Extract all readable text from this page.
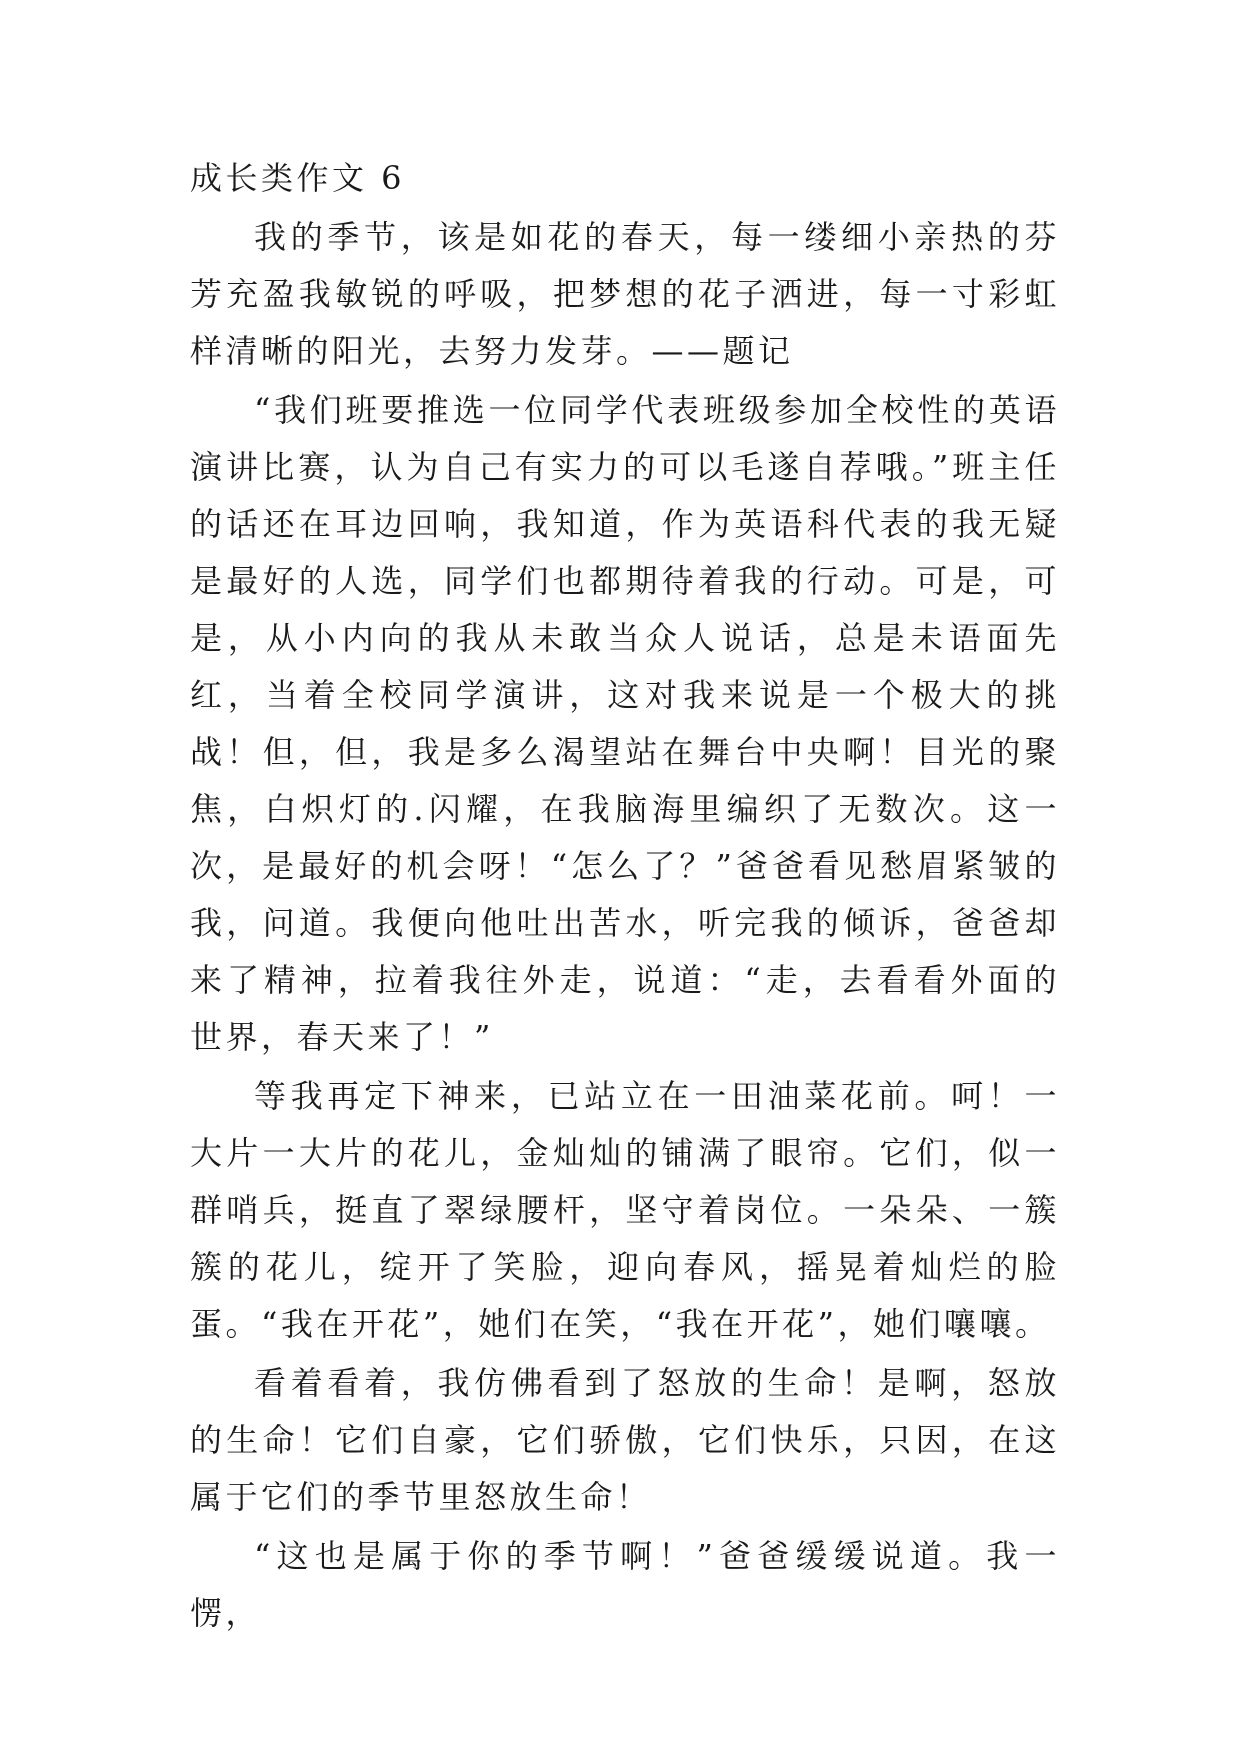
成长类作文 6

我的季节，该是如花的春天，每一缕细小亲热的芬芳充盈我敏锐的呼吸，把梦想的花子洒进，每一寸彩虹样清晰的阳光，去努力发芽。——题记

“我们班要推选一位同学代表班级参加全校性的英语演讲比赛，认为自己有实力的可以毛遂自荐哦。”班主任的话还在耳边回响，我知道，作为英语科代表的我无疑是最好的人选，同学们也都期待着我的行动。可是，可是，从小内向的我从未敢当众人说话，总是未语面先红，当着全校同学演讲，这对我来说是一个极大的挑战！但，但，我是多么渴望站在舞台中央啊！目光的聚焦，白炽灯的.闪耀，在我脑海里编织了无数次。这一次，是最好的机会呀！“怎么了？”爸爸看见愁眉紧皱的我，问道。我便向他吐出苦水，听完我的倾诉，爸爸却来了精神，拉着我往外走，说道：“走，去看看外面的世界，春天来了！”

等我再定下神来，已站立在一田油菜花前。呵！一大片一大片的花儿，金灿灿的铺满了眼帘。它们，似一群哨兵，挺直了翠绿腰杆，坚守着岗位。一朵朵、一簇簇的花儿，绽开了笑脸，迎向春风，摇晃着灿烂的脸蛋。“我在开花”，她们在笑，“我在开花”，她们嚷嚷。

看着看着，我仿佛看到了怒放的生命！是啊，怒放的生命！它们自豪，它们骄傲，它们快乐，只因，在这属于它们的季节里怒放生命！

“这也是属于你的季节啊！”爸爸缓缓说道。我一愣，
